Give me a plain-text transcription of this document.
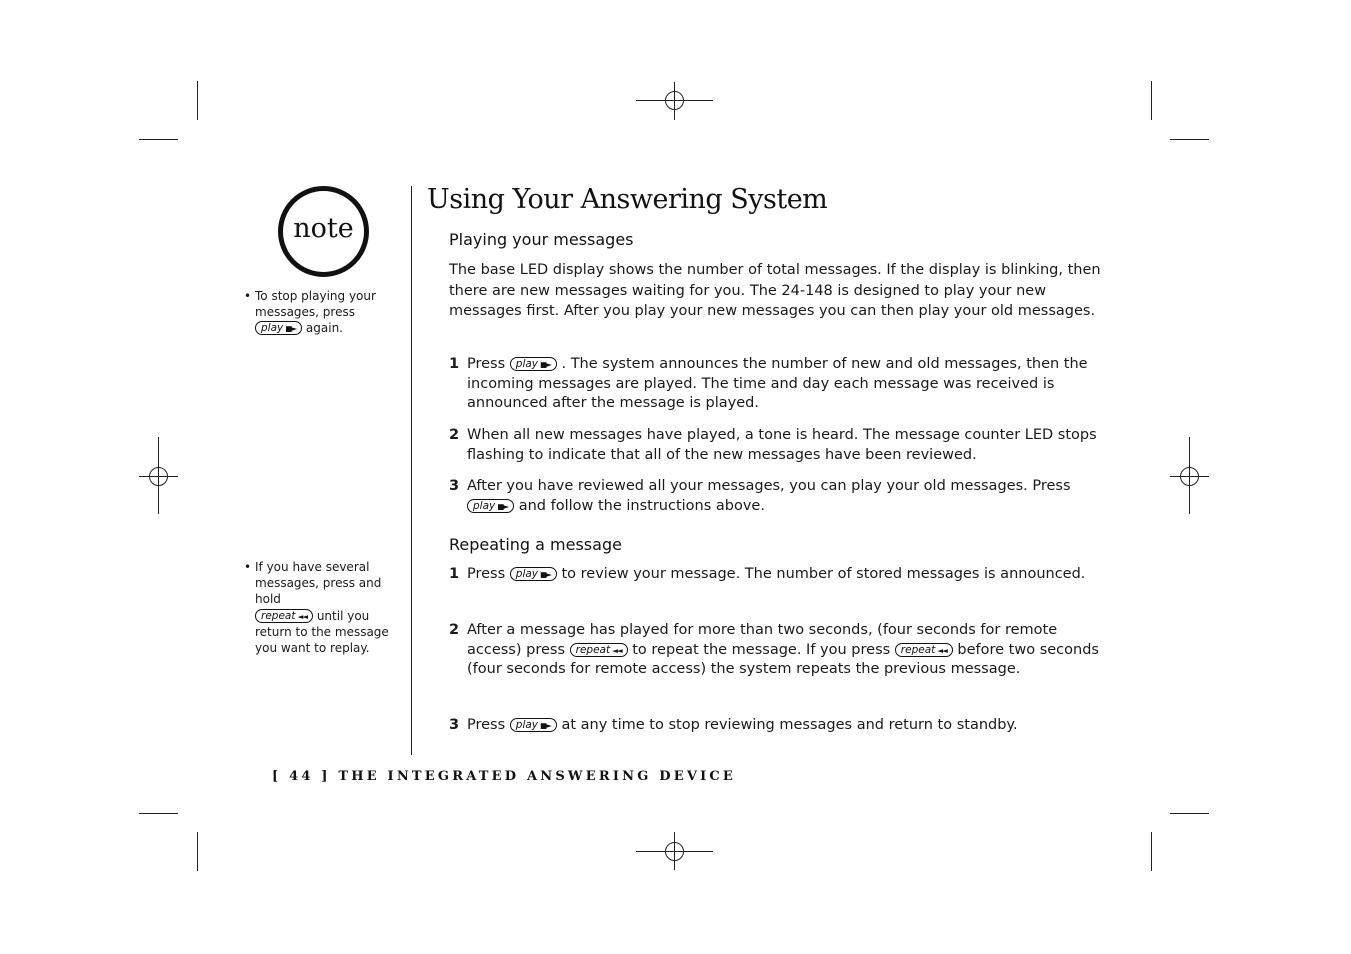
note
• To stop playing your messages, press
play ■► again.
• If you have several messages, press and hold
repeat ◄◄ until you return to the message you want to replay.
Using Your Answering System
Playing your messages
The base LED display shows the number of total messages. If the display is blinking, then there are new messages waiting for you. The 24-148 is designed to play your new messages first. After you play your new messages you can then play your old messages.
1 Press play ■► . The system announces the number of new and old messages, then the incoming messages are played. The time and day each message was received is announced after the message is played.
2 When all new messages have played, a tone is heard. The message counter LED stops flashing to indicate that all of the new messages have been reviewed.
3 After you have reviewed all your messages, you can play your old messages. Press play ■► and follow the instructions above.
Repeating a message
1 Press play ■► to review your message. The number of stored messages is announced.
2 After a message has played for more than two seconds, (four seconds for remote access) press repeat ◄◄ to repeat the message. If you press repeat ◄◄ before two seconds (four seconds for remote access) the system repeats the previous message.
3 Press play ■► at any time to stop reviewing messages and return to standby.
[ 44 ] THE INTEGRATED ANSWERING DEVICE
